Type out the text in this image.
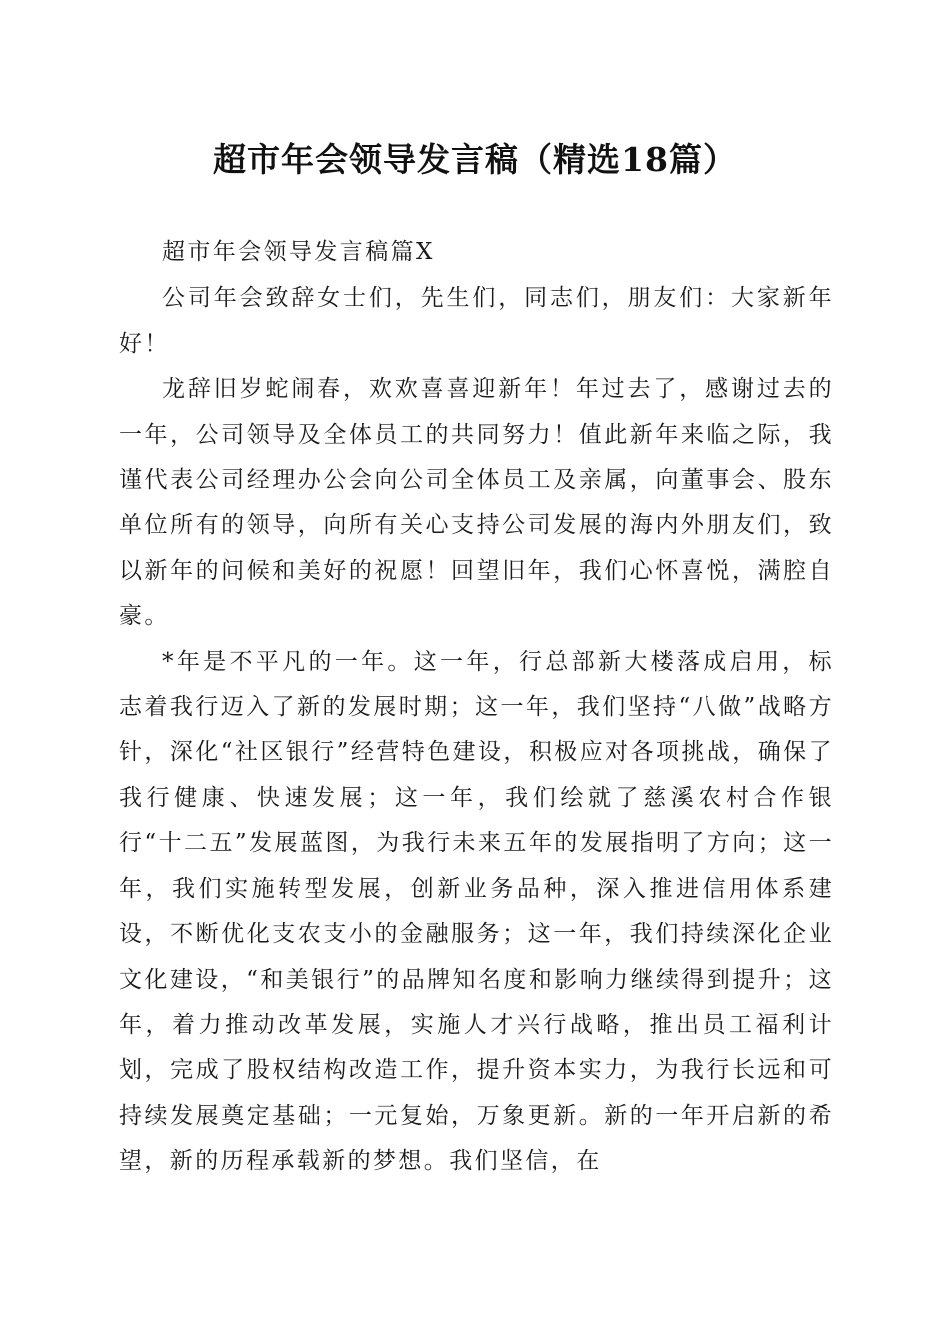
超市年会领导发言稿（精选18篇）

超市年会领导发言稿篇X

公司年会致辞女士们，先生们，同志们，朋友们：大家新年好！

龙辞旧岁蛇闹春，欢欢喜喜迎新年！年过去了，感谢过去的一年，公司领导及全体员工的共同努力！值此新年来临之际，我谨代表公司经理办公会向公司全体员工及亲属，向董事会、股东单位所有的领导，向所有关心支持公司发展的海内外朋友们，致以新年的问候和美好的祝愿！回望旧年，我们心怀喜悦，满腔自豪。

*年是不平凡的一年。这一年，行总部新大楼落成启用，标志着我行迈入了新的发展时期；这一年，我们坚持“八做”战略方针，深化“社区银行”经营特色建设，积极应对各项挑战，确保了我行健康、快速发展；这一年，我们绘就了慈溪农村合作银行“十二五”发展蓝图，为我行未来五年的发展指明了方向；这一年，我们实施转型发展，创新业务品种，深入推进信用体系建设，不断优化支农支小的金融服务；这一年，我们持续深化企业文化建设，“和美银行”的品牌知名度和影响力继续得到提升；这年，着力推动改革发展，实施人才兴行战略，推出员工福利计划，完成了股权结构改造工作，提升资本实力，为我行长远和可持续发展奠定基础；一元复始，万象更新。新的一年开启新的希望，新的历程承载新的梦想。我们坚信，在
